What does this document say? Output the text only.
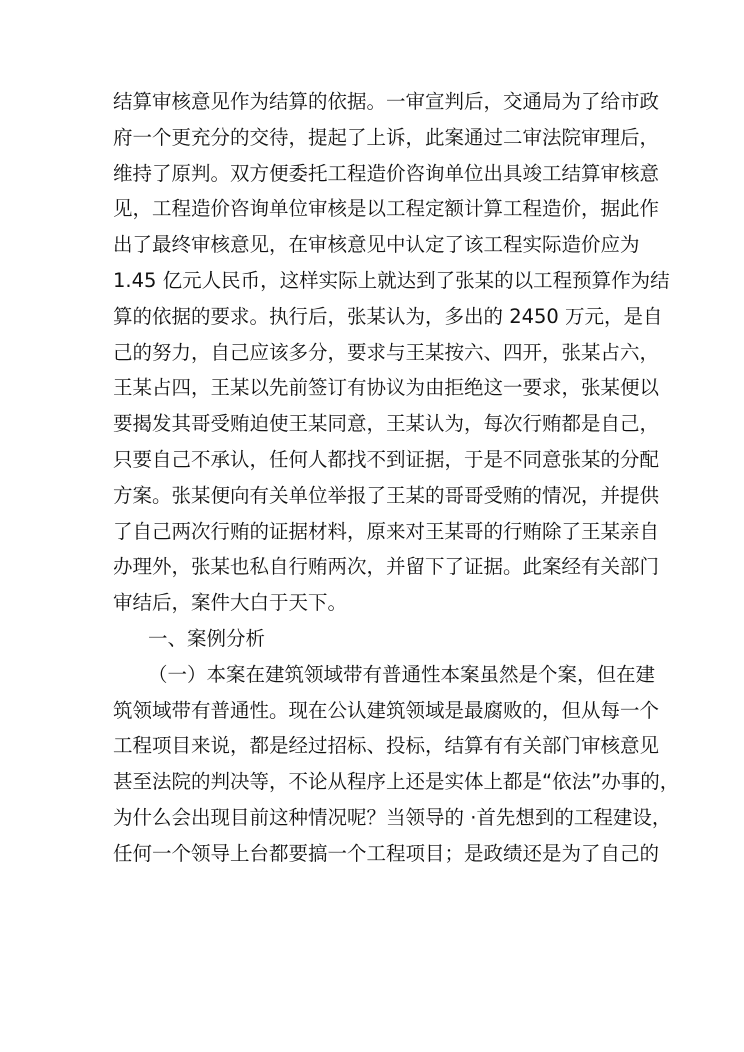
结算审核意见作为结算的依据。一审宣判后，交通局为了给市政
府一个更充分的交待，提起了上诉，此案通过二审法院审理后，
维持了原判。双方便委托工程造价咨询单位出具竣工结算审核意
见，工程造价咨询单位审核是以工程定额计算工程造价，据此作
出了最终审核意见，在审核意见中认定了该工程实际造价应为
1.45 亿元人民币，这样实际上就达到了张某的以工程预算作为结
算的依据的要求。执行后，张某认为，多出的 2450 万元，是自
己的努力，自己应该多分，要求与王某按六、四开，张某占六，
王某占四，王某以先前签订有协议为由拒绝这一要求，张某便以
要揭发其哥受贿迫使王某同意，王某认为，每次行贿都是自己，
只要自己不承认，任何人都找不到证据，于是不同意张某的分配
方案。张某便向有关单位举报了王某的哥哥受贿的情况，并提供
了自己两次行贿的证据材料，原来对王某哥的行贿除了王某亲自
办理外，张某也私自行贿两次，并留下了证据。此案经有关部门
审结后，案件大白于天下。
一、案例分析
（一）本案在建筑领域带有普通性本案虽然是个案，但在建
筑领域带有普通性。现在公认建筑领域是最腐败的，但从每一个
工程项目来说，都是经过招标、投标，结算有有关部门审核意见
甚至法院的判决等，不论从程序上还是实体上都是“依法”办事的，
为什么会出现目前这种情况呢？当领导的 ·首先想到的工程建设，
任何一个领导上台都要搞一个工程项目；是政绩还是为了自己的
